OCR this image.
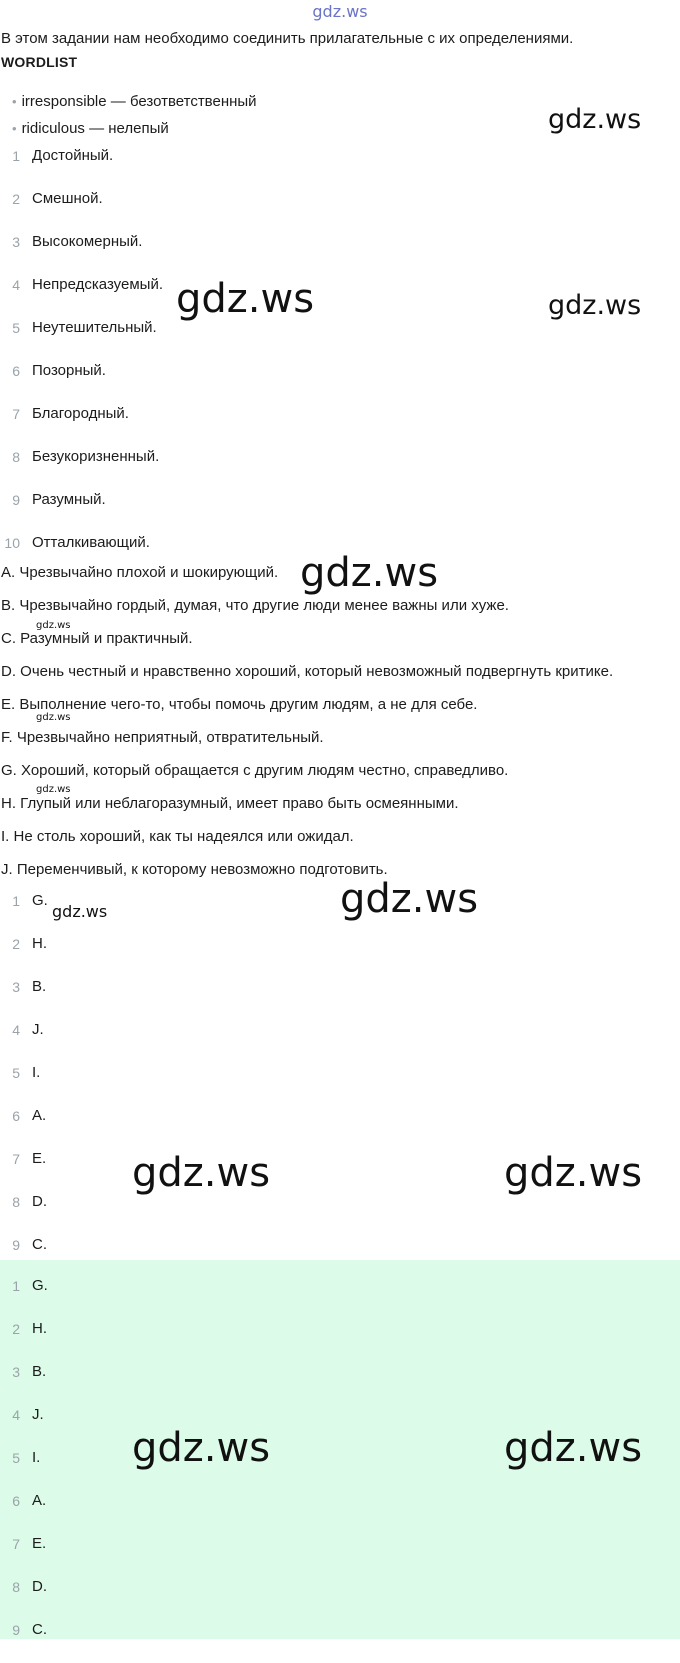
gdz.ws
В этом задании нам необходимо соединить прилагательные с их определениями.
WORDLIST
• irresponsible — безответственный
• ridiculous — нелепый
1 Достойный.
2 Смешной.
3 Высокомерный.
4 Непредсказуемый.
5 Неутешительный.
6 Позорный.
7 Благородный.
8 Безукоризненный.
9 Разумный.
10 Отталкивающий.
A. Чрезвычайно плохой и шокирующий.
B. Чрезвычайно гордый, думая, что другие люди менее важны или хуже.
C. Разумный и практичный.
D. Очень честный и нравственно хороший, который невозможный подвергнуть критике.
E. Выполнение чего-то, чтобы помочь другим людям, а не для себе.
F. Чрезвычайно неприятный, отвратительный.
G. Хороший, который обращается с другим людям честно, справедливо.
H. Глупый или неблагоразумный, имеет право быть осмеянными.
I. Не столь хороший, как ты надеялся или ожидал.
J. Переменчивый, к которому невозможно подготовить.
1 G.
2 H.
3 B.
4 J.
5 I.
6 A.
7 E.
8 D.
9 C.
1 G.
2 H.
3 B.
4 J.
5 I.
6 A.
7 E.
8 D.
9 C.
gdz.ws
gdz.ws	gdz.ws
gdz.ws
gdz.ws
gdz.ws
gdz.ws
gdz.ws
gdz.ws
gdz.ws	gdz.ws
gdz.ws	gdz.ws
